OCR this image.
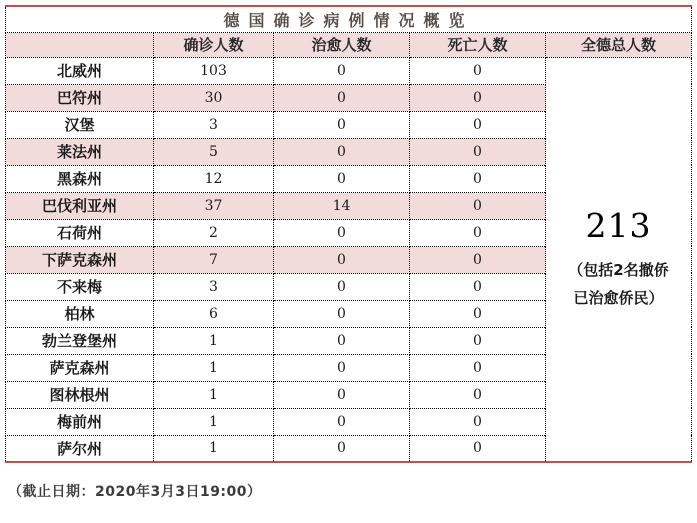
德国确诊病例情况概览				
	确诊人数	治愈人数	死亡人数	全德总人数
北威州	103	0	0	213
（包括2名撤侨
已治愈侨民）

巴符州	30	0	0	
汉堡	3	0	0	
莱法州	5	0	0	
黑森州	12	0	0	
巴伐利亚州	37	14	0	
石荷州	2	0	0	
下萨克森州	7	0	0	
不来梅	3	0	0	
柏林	6	0	0	
勃兰登堡州	1	0	0	
萨克森州	1	0	0	
图林根州	1	0	0	
梅前州	1	0	0	
萨尔州	1	0	0	
（截止日期：2020年3月3日19:00）
